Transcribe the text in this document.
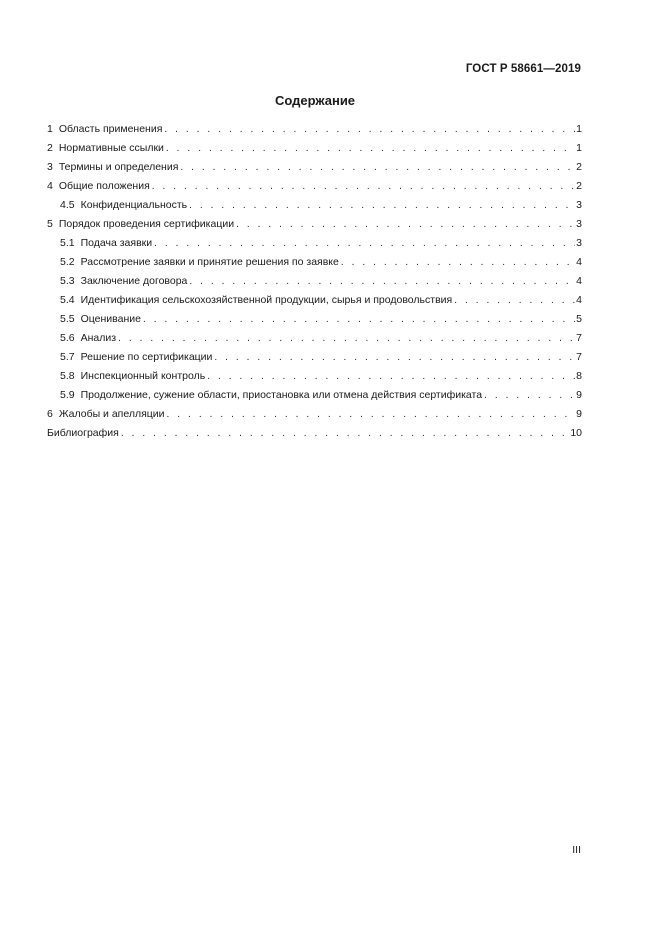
ГОСТ Р 58661—2019
Содержание
1 Область применения . . .	1
2 Нормативные ссылки . . .	1
3 Термины и определения . . .	2
4 Общие положения . . .	2
4.5 Конфиденциальность . . .	3
5 Порядок проведения сертификации . . .	3
5.1 Подача заявки . . .	3
5.2 Рассмотрение заявки и принятие решения по заявке . . .	4
5.3 Заключение договора . . .	4
5.4 Идентификация сельскохозяйственной продукции, сырья и продовольствия . . .	4
5.5 Оценивание . . .	5
5.6 Анализ . . .	7
5.7 Решение по сертификации . . .	7
5.8 Инспекционный контроль . . .	8
5.9 Продолжение, сужение области, приостановка или отмена действия сертификата . . .	9
6 Жалобы и апелляции . . .	9
Библиография . . .	10
III
